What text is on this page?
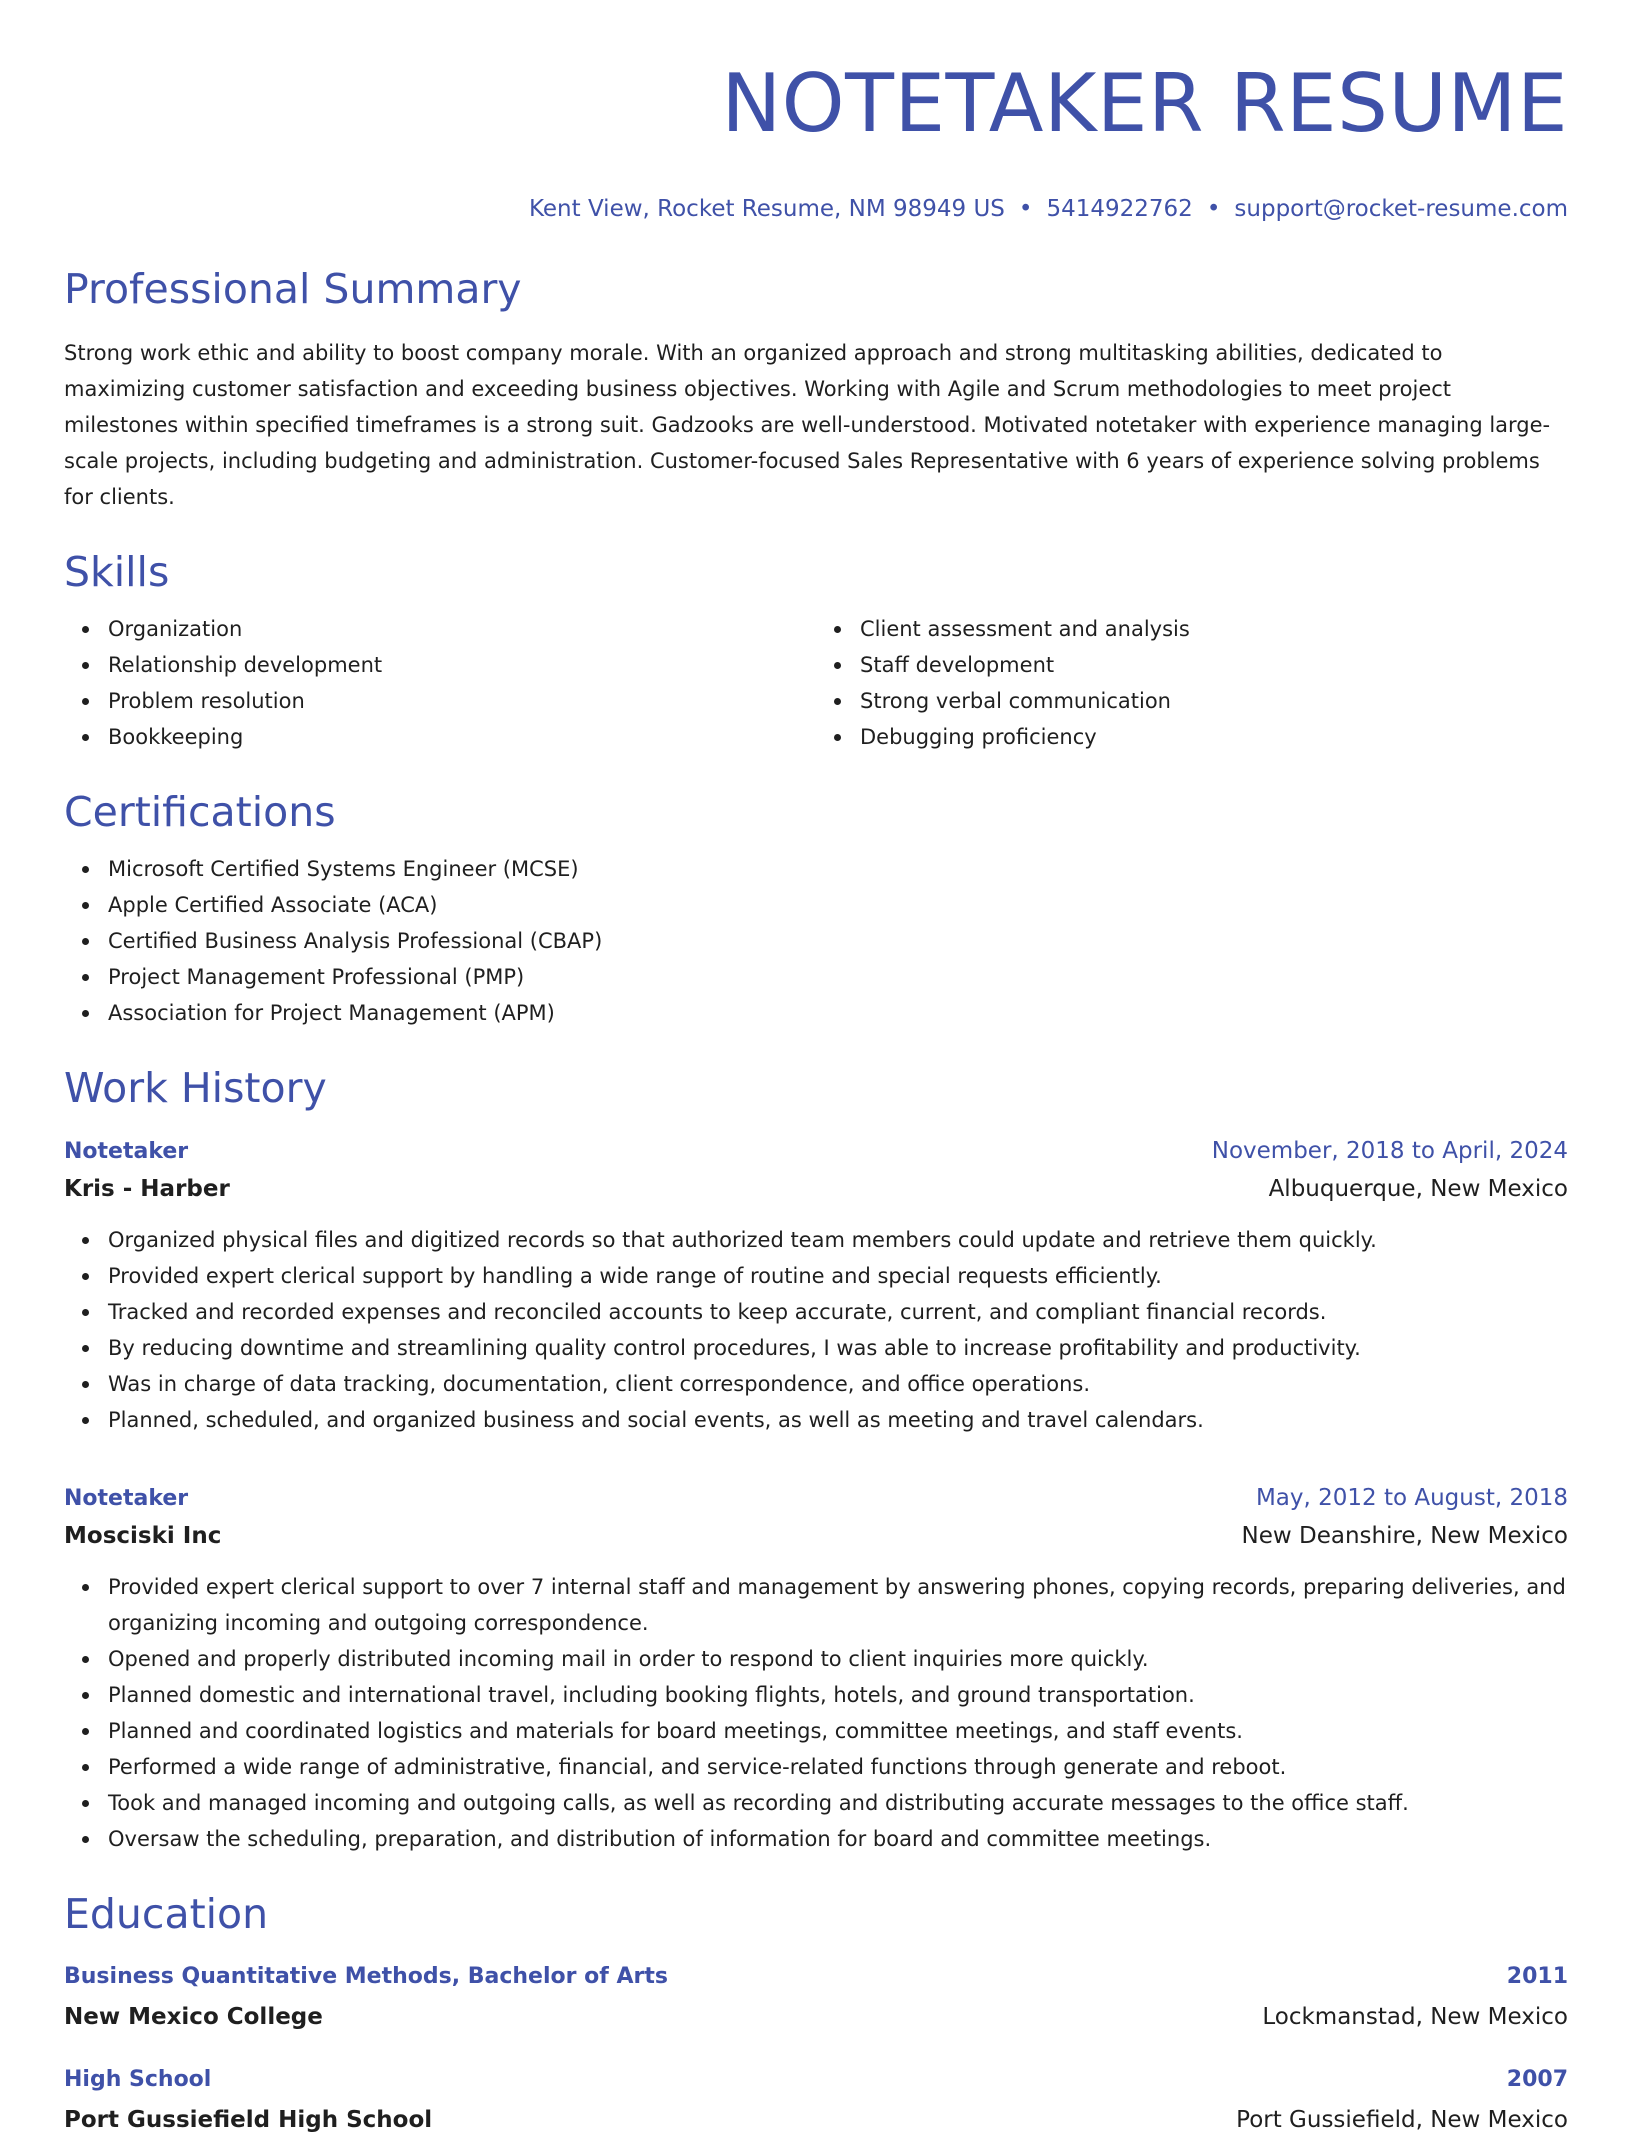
NOTETAKER RESUME
Kent View, Rocket Resume, NM 98949 US • 5414922762 • support@rocket-resume.com
Professional Summary
Strong work ethic and ability to boost company morale. With an organized approach and strong multitasking abilities, dedicated to maximizing customer satisfaction and exceeding business objectives. Working with Agile and Scrum methodologies to meet project milestones within specified timeframes is a strong suit. Gadzooks are well-understood. Motivated notetaker with experience managing large-scale projects, including budgeting and administration. Customer-focused Sales Representative with 6 years of experience solving problems for clients.
Skills
Organization
Relationship development
Problem resolution
Bookkeeping
Client assessment and analysis
Staff development
Strong verbal communication
Debugging proficiency
Certifications
Microsoft Certified Systems Engineer (MCSE)
Apple Certified Associate (ACA)
Certified Business Analysis Professional (CBAP)
Project Management Professional (PMP)
Association for Project Management (APM)
Work History
Notetaker	November, 2018 to April, 2024
Kris - Harber	Albuquerque, New Mexico
Organized physical files and digitized records so that authorized team members could update and retrieve them quickly.
Provided expert clerical support by handling a wide range of routine and special requests efficiently.
Tracked and recorded expenses and reconciled accounts to keep accurate, current, and compliant financial records.
By reducing downtime and streamlining quality control procedures, I was able to increase profitability and productivity.
Was in charge of data tracking, documentation, client correspondence, and office operations.
Planned, scheduled, and organized business and social events, as well as meeting and travel calendars.
Notetaker	May, 2012 to August, 2018
Mosciski Inc	New Deanshire, New Mexico
Provided expert clerical support to over 7 internal staff and management by answering phones, copying records, preparing deliveries, and organizing incoming and outgoing correspondence.
Opened and properly distributed incoming mail in order to respond to client inquiries more quickly.
Planned domestic and international travel, including booking flights, hotels, and ground transportation.
Planned and coordinated logistics and materials for board meetings, committee meetings, and staff events.
Performed a wide range of administrative, financial, and service-related functions through generate and reboot.
Took and managed incoming and outgoing calls, as well as recording and distributing accurate messages to the office staff.
Oversaw the scheduling, preparation, and distribution of information for board and committee meetings.
Education
Business Quantitative Methods, Bachelor of Arts	2011
New Mexico College	Lockmanstad, New Mexico
High School	2007
Port Gussiefield High School	Port Gussiefield, New Mexico
